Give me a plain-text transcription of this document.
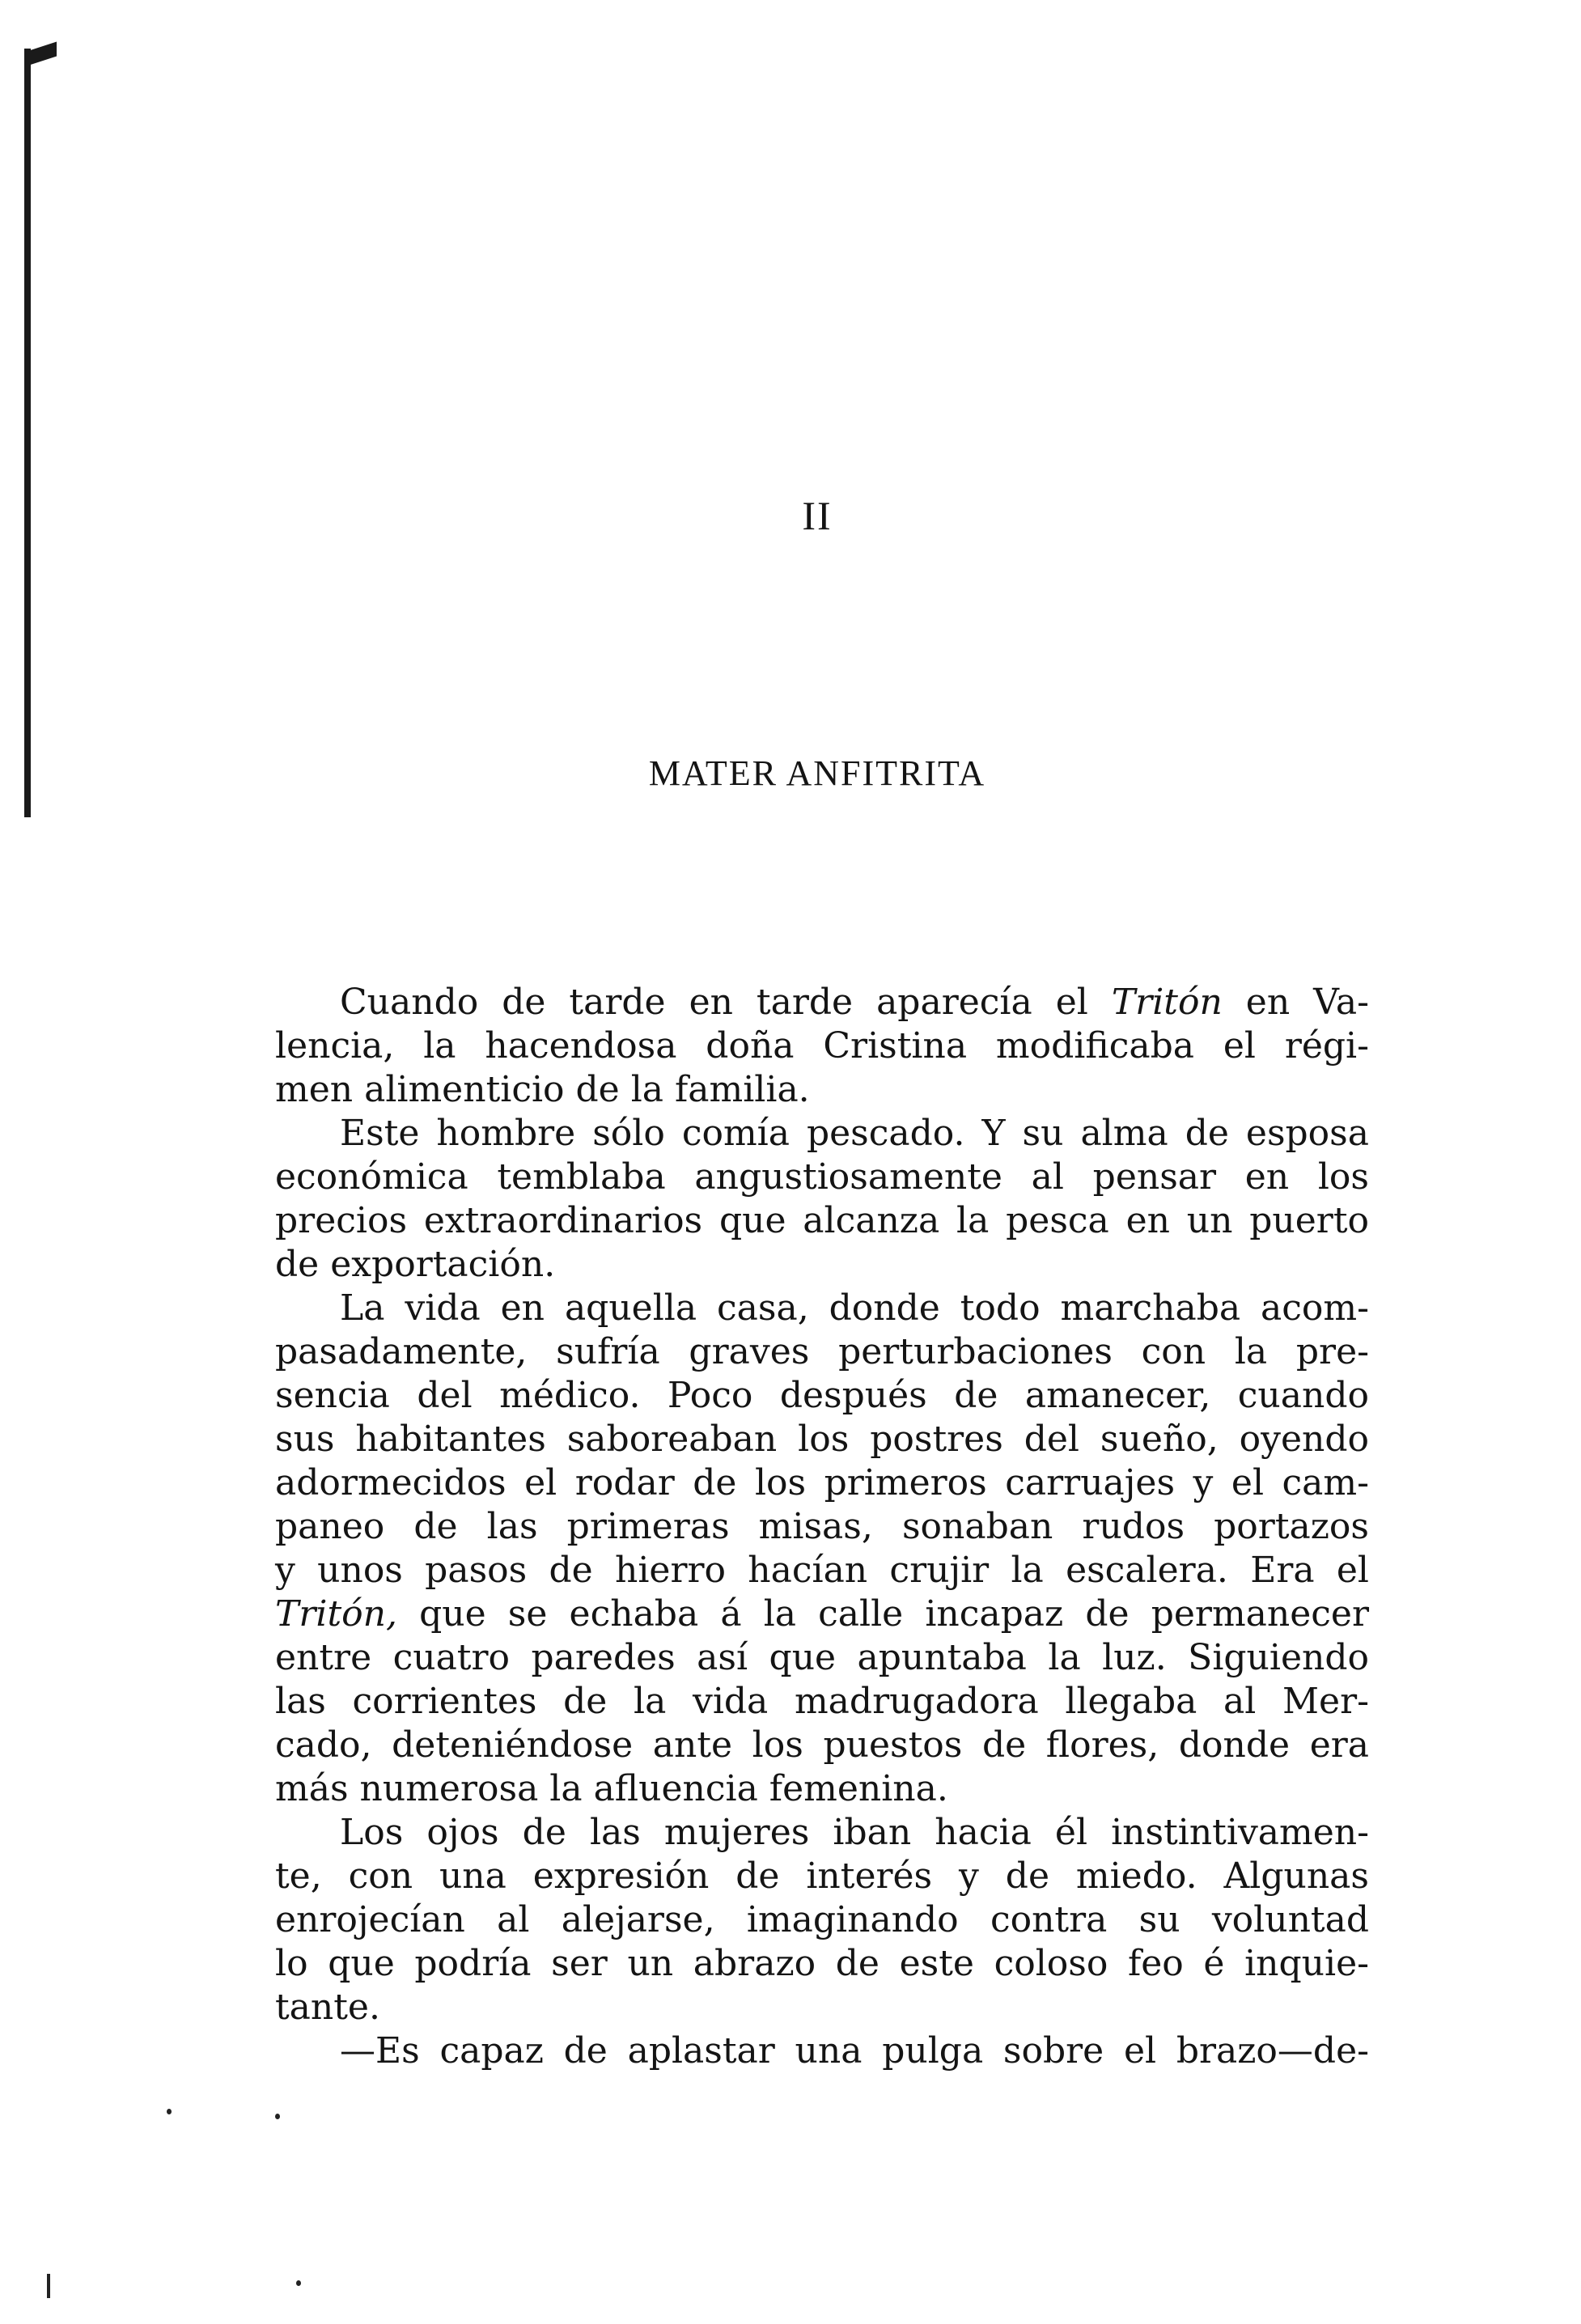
II
MATER ANFITRITA
Cuando de tarde en tarde aparecía el Tritón en Va-
lencia, la hacendosa doña Cristina modificaba el régi-
men alimenticio de la familia.
Este hombre sólo comía pescado. Y su alma de esposa
económica temblaba angustiosamente al pensar en los
precios extraordinarios que alcanza la pesca en un puerto
de exportación.
La vida en aquella casa, donde todo marchaba acom-
pasadamente, sufría graves perturbaciones con la pre-
sencia del médico. Poco después de amanecer, cuando
sus habitantes saboreaban los postres del sueño, oyendo
adormecidos el rodar de los primeros carruajes y el cam-
paneo de las primeras misas, sonaban rudos portazos
y unos pasos de hierro hacían crujir la escalera. Era el
Tritón, que se echaba á la calle incapaz de permanecer
entre cuatro paredes así que apuntaba la luz. Siguiendo
las corrientes de la vida madrugadora llegaba al Mer-
cado, deteniéndose ante los puestos de flores, donde era
más numerosa la afluencia femenina.
Los ojos de las mujeres iban hacia él instintivamen-
te, con una expresión de interés y de miedo. Algunas
enrojecían al alejarse, imaginando contra su voluntad
lo que podría ser un abrazo de este coloso feo é inquie-
tante.
—Es capaz de aplastar una pulga sobre el brazo—de-
